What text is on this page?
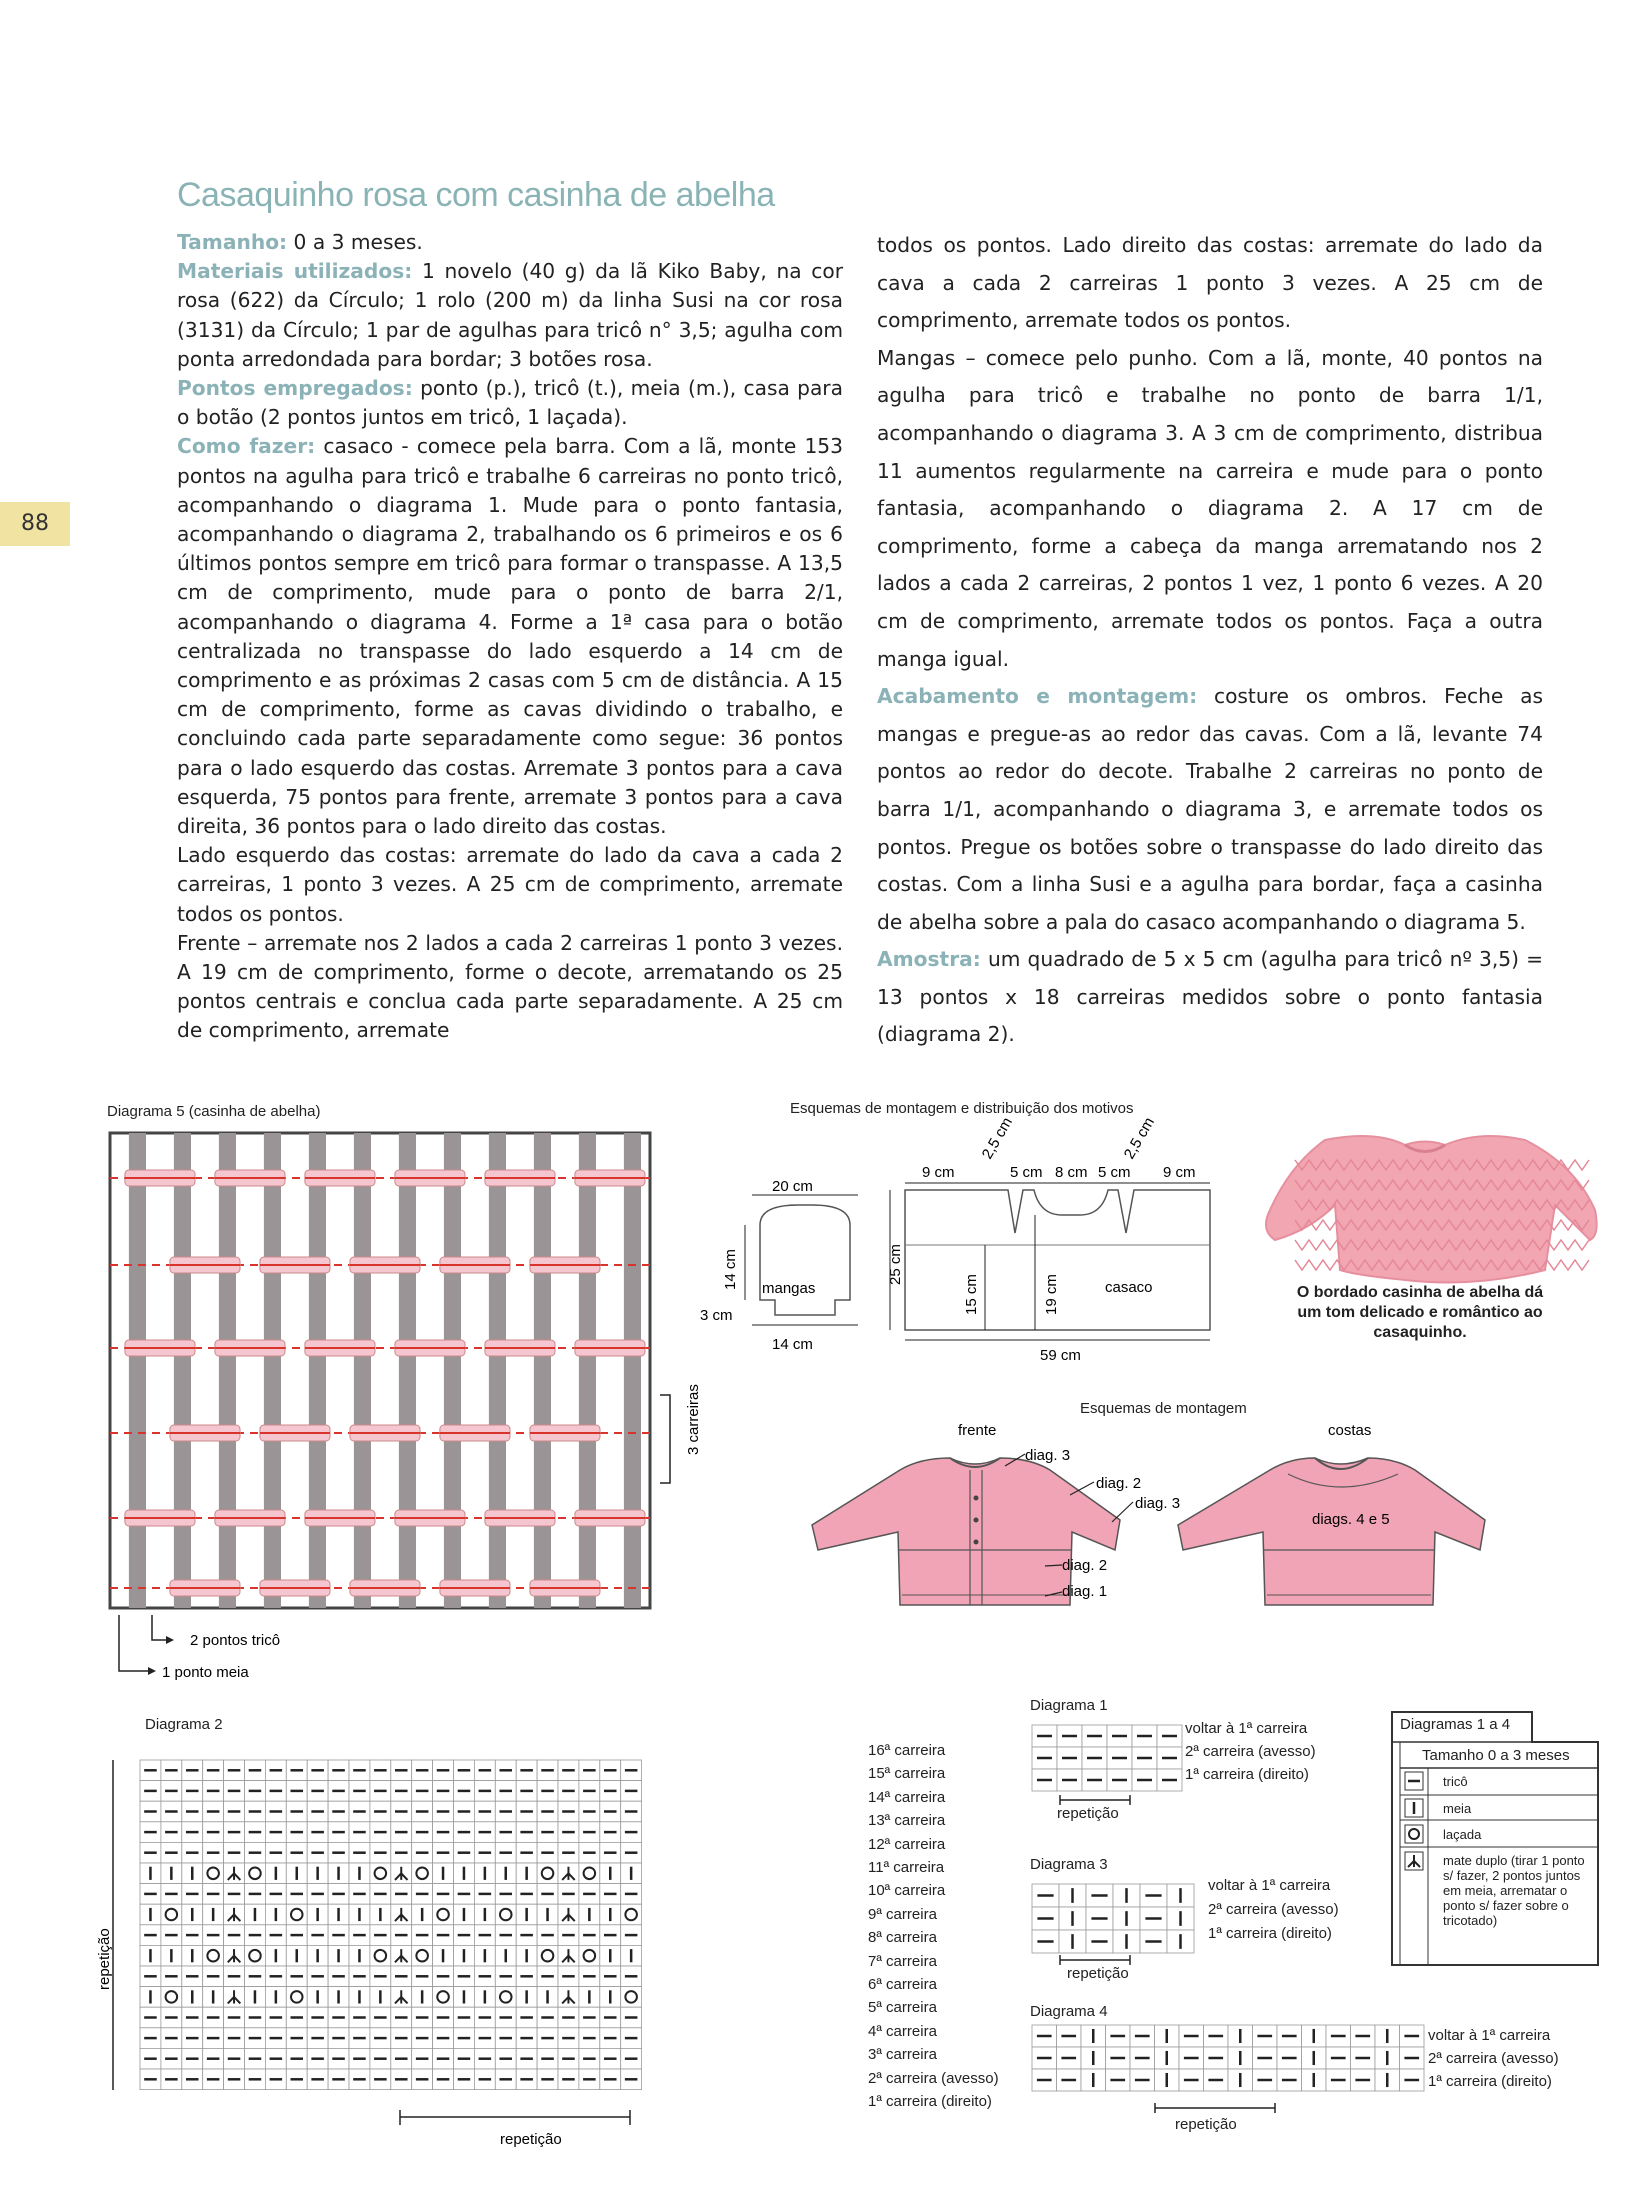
88
Casaquinho rosa com casinha de abelha

Tamanho: 0 a 3 meses.

Materiais utilizados: 1 novelo (40 g) da lã Kiko Baby, na cor rosa (622) da Círculo; 1 rolo (200 m) da linha Susi na cor rosa (3131) da Círculo; 1 par de agulhas para tricô n° 3,5; agulha com ponta arredondada para bordar; 3 botões rosa.

Pontos empregados: ponto (p.), tricô (t.), meia (m.), casa para o botão (2 pontos juntos em tricô, 1 laçada).

Como fazer: casaco - comece pela barra. Com a lã, monte 153 pontos na agulha para tricô e trabalhe 6 carreiras no ponto tricô, acompanhando o diagrama 1. Mude para o ponto fantasia, acompanhando o diagrama 2, trabalhando os 6 primeiros e os 6 últimos pontos sempre em tricô para formar o transpasse. A 13,5 cm de comprimento, mude para o ponto de barra 2/1, acompanhando o diagrama 4. Forme a 1ª casa para o botão centralizada no transpasse do lado esquerdo a 14 cm de comprimento e as próximas 2 casas com 5 cm de distância. A 15 cm de comprimento, forme as cavas dividindo o trabalho, e concluindo cada parte separadamente como segue: 36 pontos para o lado esquerdo das costas. Arremate 3 pontos para a cava esquerda, 75 pontos para frente, arremate 3 pontos para a cava direita, 36 pontos para o lado direito das costas.

Lado esquerdo das costas: arremate do lado da cava a cada 2 carreiras, 1 ponto 3 vezes. A 25 cm de comprimento, arremate todos os pontos.

Frente – arremate nos 2 lados a cada 2 carreiras 1 ponto 3 vezes. A 19 cm de comprimento, forme o decote, arrematando os 25 pontos centrais e conclua cada parte separadamente. A 25 cm de comprimento, arremate

todos os pontos. Lado direito das costas: arremate do lado da cava a cada 2 carreiras 1 ponto 3 vezes. A 25 cm de comprimento, arremate todos os pontos.

Mangas – comece pelo punho. Com a lã, monte, 40 pontos na agulha para tricô e trabalhe no ponto de barra 1/1, acompanhando o diagrama 3. A 3 cm de comprimento, distribua 11 aumentos regularmente na carreira e mude para o ponto fantasia, acompanhando o diagrama 2. A 17 cm de comprimento, forme a cabeça da manga arrematando nos 2 lados a cada 2 carreiras, 2 pontos 1 vez, 1 ponto 6 vezes. A 20 cm de comprimento, arremate todos os pontos. Faça a outra manga igual.

Acabamento e montagem: costure os ombros. Feche as mangas e pregue-as ao redor das cavas. Com a lã, levante 74 pontos ao redor do decote. Trabalhe 2 carreiras no ponto de barra 1/1, acompanhando o diagrama 3, e arremate todos os pontos. Pregue os botões sobre o transpasse do lado direito das costas. Com a linha Susi e a agulha para bordar, faça a casinha de abelha sobre a pala do casaco acompanhando o diagrama 5.

Amostra: um quadrado de 5 x 5 cm (agulha para tricô nº 3,5) = 13 pontos x 18 carreiras medidos sobre o ponto fantasia (diagrama 2).

Diagrama 5 (casinha de abelha)
3 carreiras
2 pontos tricô
1 ponto meia
Esquemas de montagem e distribuição dos motivos
20 cm
14 cm mangas
3 cm
14 cm
25 cm
9 cm
2,5 cm
5 cm 8 cm 5 cm
2,5 cm
9 cm
15 cm	19 cm	casaco
59 cm
O bordado casinha de abelha dá um tom delicado e romântico ao casaquinho.
Esquemas de montagem
frente
diag. 3
diag. 2
diag. 3
diag. 2
diag. 1
costas
diags. 4 e 5
Diagrama 2
repetição
repetição
16ª carreira
15ª carreira
14ª carreira
13ª carreira
12ª carreira
11ª carreira
10ª carreira
9ª carreira
8ª carreira
7ª carreira
6ª carreira
5ª carreira
4ª carreira
3ª carreira
2ª carreira (avesso)
1ª carreira (direito)
Diagrama 1
voltar à 1ª carreira
2ª carreira (avesso)
1ª carreira (direito)
repetição
Diagrama 3
voltar à 1ª carreira
2ª carreira (avesso)
1ª carreira (direito)
repetição
Diagrama 4
voltar à 1ª carreira
2ª carreira (avesso)
1ª carreira (direito)
repetição
Diagramas 1 a 4
Tamanho 0 a 3 meses
tricô
meia
laçada
mate duplo (tirar 1 ponto s/ fazer, 2 pontos juntos em meia, arrematar o ponto s/ fazer sobre o tricotado)
